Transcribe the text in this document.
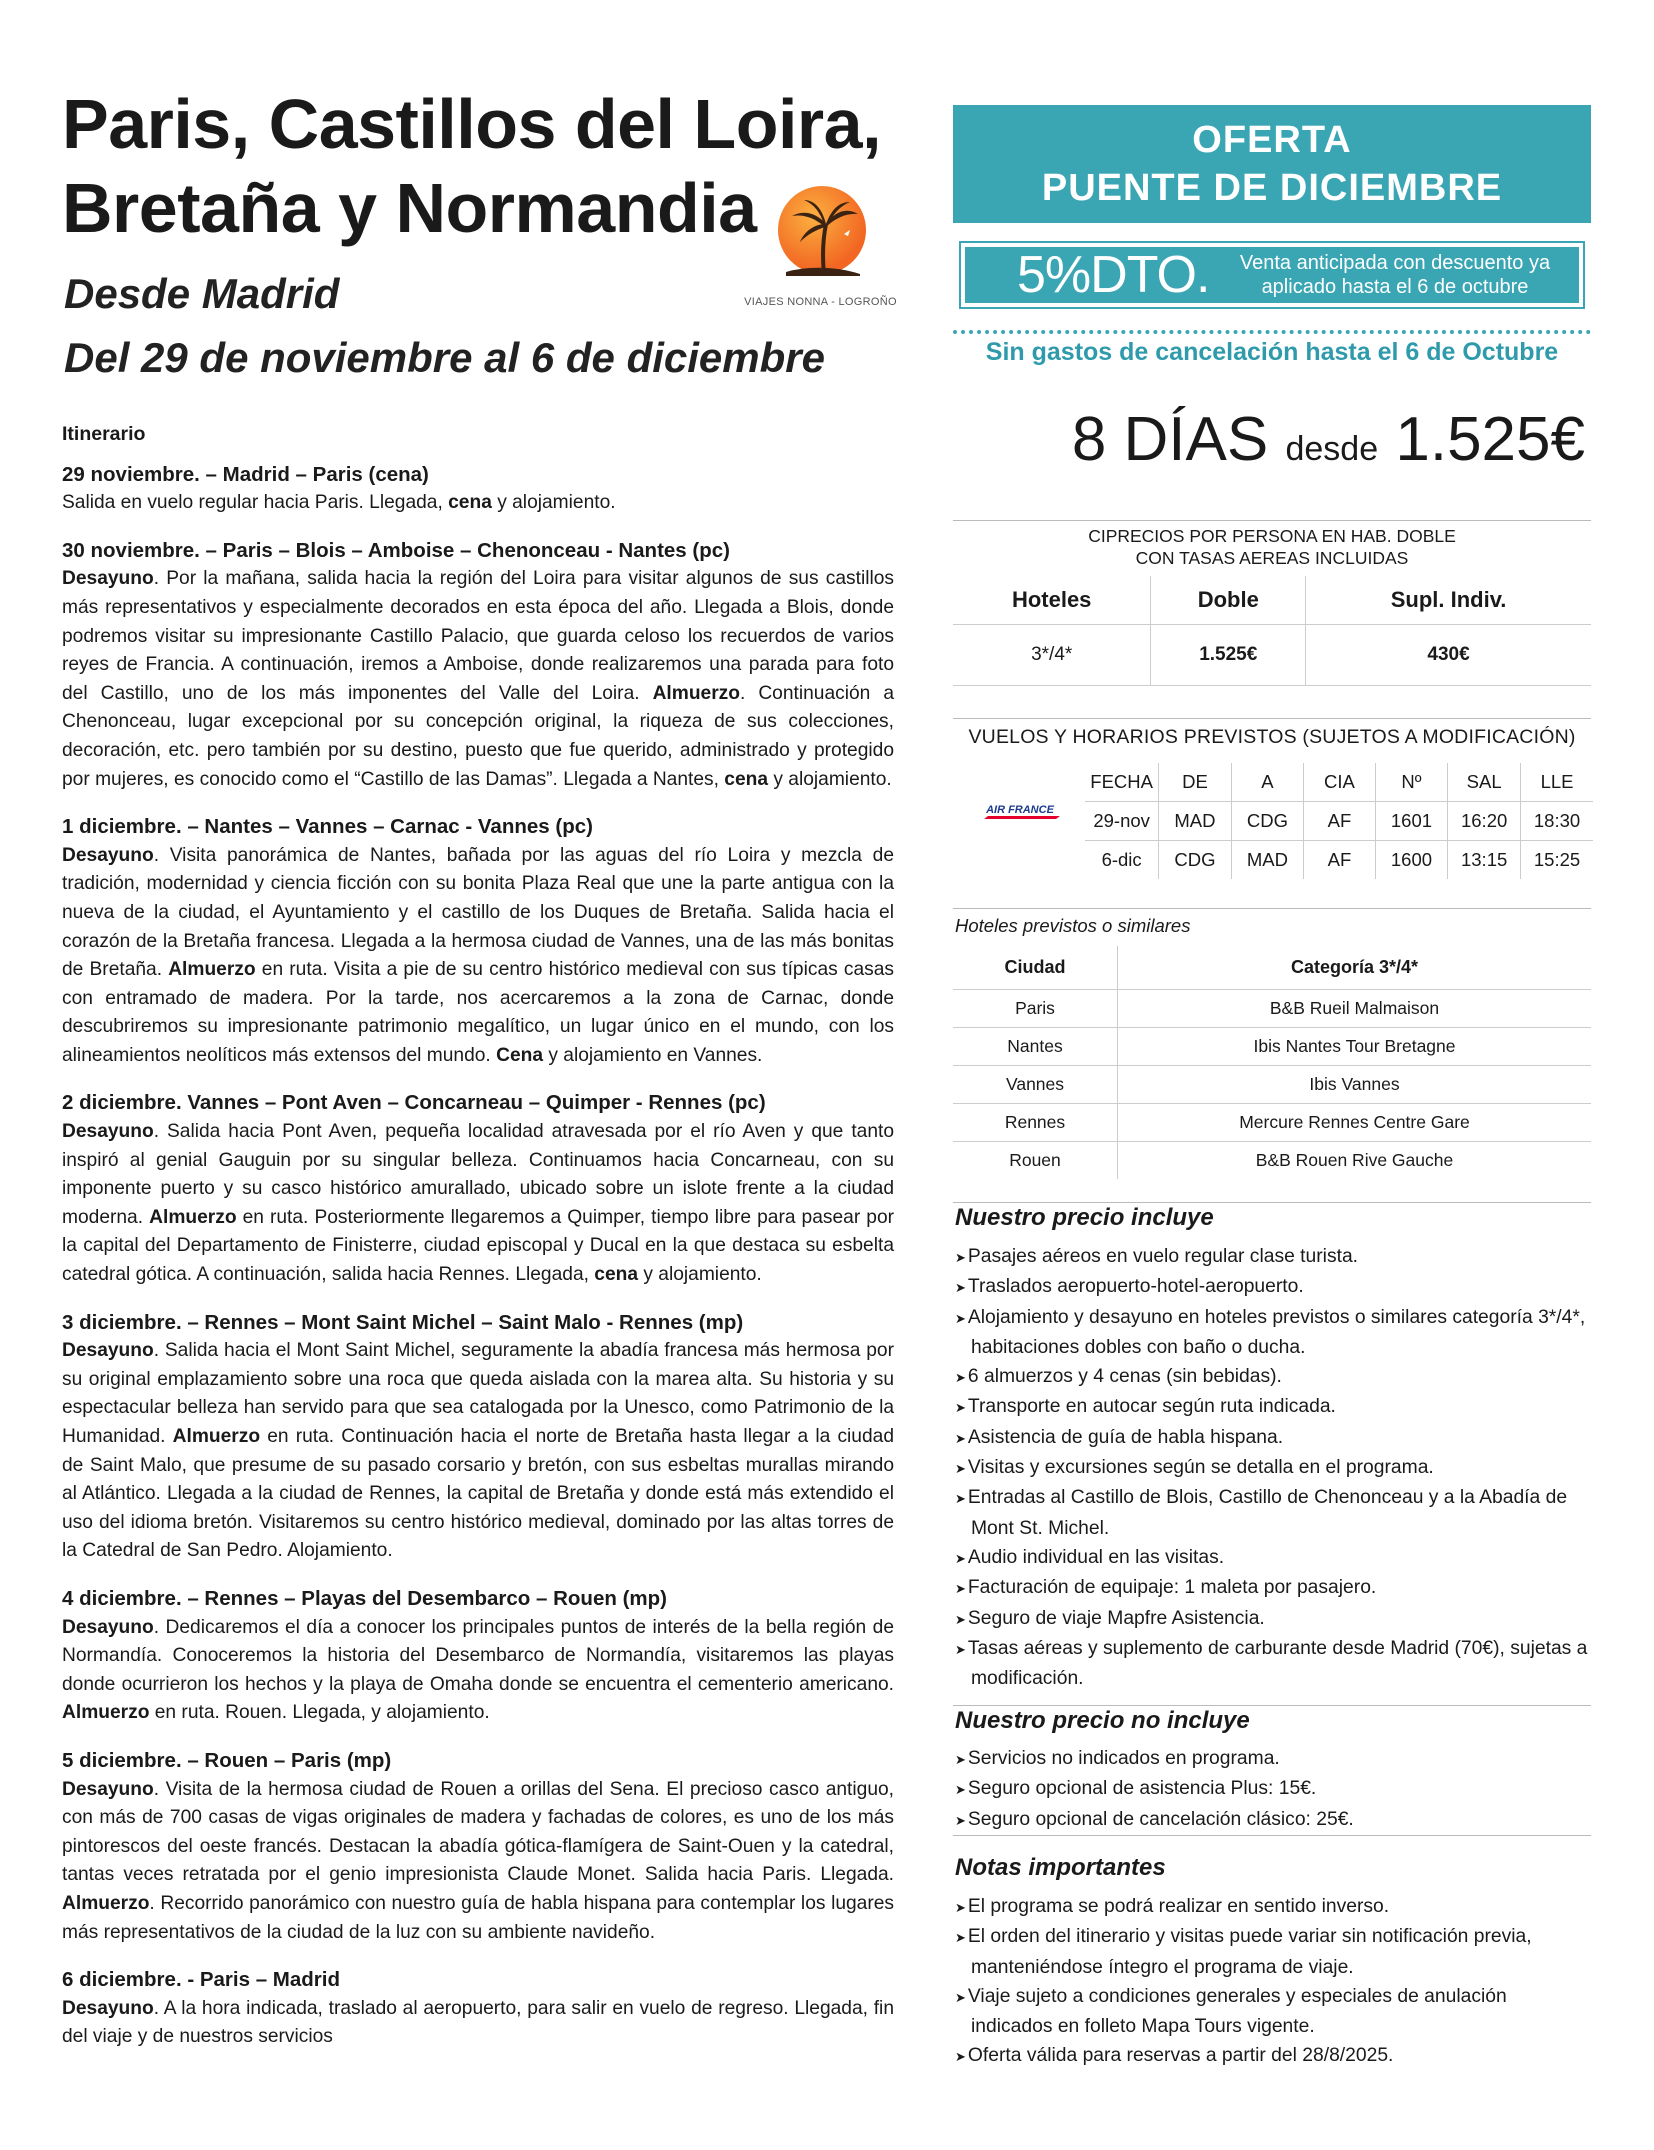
Paris, Castillos del Loira,
Bretaña y Normandia
Desde Madrid
Del 29 de noviembre al 6 de diciembre
VIAJES NONNA - LOGROÑO
Itinerario
29 noviembre. – Madrid – Paris (cena)
Salida en vuelo regular hacia Paris. Llegada, cena y alojamiento.
30 noviembre. – Paris – Blois – Amboise – Chenonceau - Nantes (pc)
Desayuno. Por la mañana, salida hacia la región del Loira para visitar algunos de sus castillos más representativos y especialmente decorados en esta época del año. Llegada a Blois, donde podremos visitar su impresionante Castillo Palacio, que guarda celoso los recuerdos de varios reyes de Francia. A continuación, iremos a Amboise, donde realizaremos una parada para foto del Castillo, uno de los más imponentes del Valle del Loira. Almuerzo. Continuación a Chenonceau, lugar excepcional por su concepción original, la riqueza de sus colecciones, decoración, etc. pero también por su destino, puesto que fue querido, administrado y protegido por mujeres, es conocido como el “Castillo de las Damas”. Llegada a Nantes, cena y alojamiento.
1 diciembre. – Nantes – Vannes – Carnac - Vannes (pc)
Desayuno. Visita panorámica de Nantes, bañada por las aguas del río Loira y mezcla de tradición, modernidad y ciencia ficción con su bonita Plaza Real que une la parte antigua con la nueva de la ciudad, el Ayuntamiento y el castillo de los Duques de Bretaña. Salida hacia el corazón de la Bretaña francesa. Llegada a la hermosa ciudad de Vannes, una de las más bonitas de Bretaña. Almuerzo en ruta. Visita a pie de su centro histórico medieval con sus típicas casas con entramado de madera. Por la tarde, nos acercaremos a la zona de Carnac, donde descubriremos su impresionante patrimonio megalítico, un lugar único en el mundo, con los alineamientos neolíticos más extensos del mundo. Cena y alojamiento en Vannes.
2 diciembre. Vannes – Pont Aven – Concarneau – Quimper - Rennes (pc)
Desayuno. Salida hacia Pont Aven, pequeña localidad atravesada por el río Aven y que tanto inspiró al genial Gauguin por su singular belleza. Continuamos hacia Concarneau, con su imponente puerto y su casco histórico amurallado, ubicado sobre un islote frente a la ciudad moderna. Almuerzo en ruta. Posteriormente llegaremos a Quimper, tiempo libre para pasear por la capital del Departamento de Finisterre, ciudad episcopal y Ducal en la que destaca su esbelta catedral gótica. A continuación, salida hacia Rennes. Llegada, cena y alojamiento.
3 diciembre. – Rennes – Mont Saint Michel – Saint Malo - Rennes (mp)
Desayuno. Salida hacia el Mont Saint Michel, seguramente la abadía francesa más hermosa por su original emplazamiento sobre una roca que queda aislada con la marea alta. Su historia y su espectacular belleza han servido para que sea catalogada por la Unesco, como Patrimonio de la Humanidad. Almuerzo en ruta. Continuación hacia el norte de Bretaña hasta llegar a la ciudad de Saint Malo, que presume de su pasado corsario y bretón, con sus esbeltas murallas mirando al Atlántico. Llegada a la ciudad de Rennes, la capital de Bretaña y donde está más extendido el uso del idioma bretón. Visitaremos su centro histórico medieval, dominado por las altas torres de la Catedral de San Pedro. Alojamiento.
4 diciembre. – Rennes – Playas del Desembarco – Rouen (mp)
Desayuno. Dedicaremos el día a conocer los principales puntos de interés de la bella región de Normandía. Conoceremos la historia del Desembarco de Normandía, visitaremos las playas donde ocurrieron los hechos y la playa de Omaha donde se encuentra el cementerio americano. Almuerzo en ruta. Rouen. Llegada, y alojamiento.
5 diciembre. – Rouen – Paris (mp)
Desayuno. Visita de la hermosa ciudad de Rouen a orillas del Sena. El precioso casco antiguo, con más de 700 casas de vigas originales de madera y fachadas de colores, es uno de los más pintorescos del oeste francés. Destacan la abadía gótica-flamígera de Saint-Ouen y la catedral, tantas veces retratada por el genio impresionista Claude Monet. Salida hacia Paris. Llegada. Almuerzo. Recorrido panorámico con nuestro guía de habla hispana para contemplar los lugares más representativos de la ciudad de la luz con su ambiente navideño.
6 diciembre. - Paris – Madrid
Desayuno. A la hora indicada, traslado al aeropuerto, para salir en vuelo de regreso. Llegada, fin del viaje y de nuestros servicios
OFERTA
PUENTE DE DICIEMBRE
5%DTO.	Venta anticipada con descuento ya aplicado hasta el 6 de octubre
Sin gastos de cancelación hasta el 6 de Octubre
8 DÍAS desde 1.525€
CIPRECIOS POR PERSONA EN HAB. DOBLE
CON TASAS AEREAS INCLUIDAS
Hoteles	Doble	Supl. Indiv.
3*/4*	1.525€	430€
VUELOS Y HORARIOS PREVISTOS (SUJETOS A MODIFICACIÓN)
AIR FRANCE
FECHA	DE	A	CIA	Nº	SAL	LLE
29-nov	MAD	CDG	AF	1601	16:20	18:30
6-dic	CDG	MAD	AF	1600	13:15	15:25
Hoteles previstos o similares
Ciudad	Categoría 3*/4*
Paris	B&B Rueil Malmaison
Nantes	Ibis Nantes Tour Bretagne
Vannes	Ibis Vannes
Rennes	Mercure Rennes Centre Gare
Rouen	B&B Rouen Rive Gauche
Nuestro precio incluye
➤ Pasajes aéreos en vuelo regular clase turista.
➤ Traslados aeropuerto-hotel-aeropuerto.
➤ Alojamiento y desayuno en hoteles previstos o similares categoría 3*/4*, habitaciones dobles con baño o ducha.
➤ 6 almuerzos y 4 cenas (sin bebidas).
➤ Transporte en autocar según ruta indicada.
➤ Asistencia de guía de habla hispana.
➤ Visitas y excursiones según se detalla en el programa.
➤ Entradas al Castillo de Blois, Castillo de Chenonceau y a la Abadía de Mont St. Michel.
➤ Audio individual en las visitas.
➤ Facturación de equipaje: 1 maleta por pasajero.
➤ Seguro de viaje Mapfre Asistencia.
➤ Tasas aéreas y suplemento de carburante desde Madrid (70€), sujetas a modificación.
Nuestro precio no incluye
➤ Servicios no indicados en programa.
➤ Seguro opcional de asistencia Plus: 15€.
➤ Seguro opcional de cancelación clásico: 25€.
Notas importantes
➤ El programa se podrá realizar en sentido inverso.
➤ El orden del itinerario y visitas puede variar sin notificación previa, manteniéndose íntegro el programa de viaje.
➤ Viaje sujeto a condiciones generales y especiales de anulación indicados en folleto Mapa Tours vigente.
➤ Oferta válida para reservas a partir del 28/8/2025.
